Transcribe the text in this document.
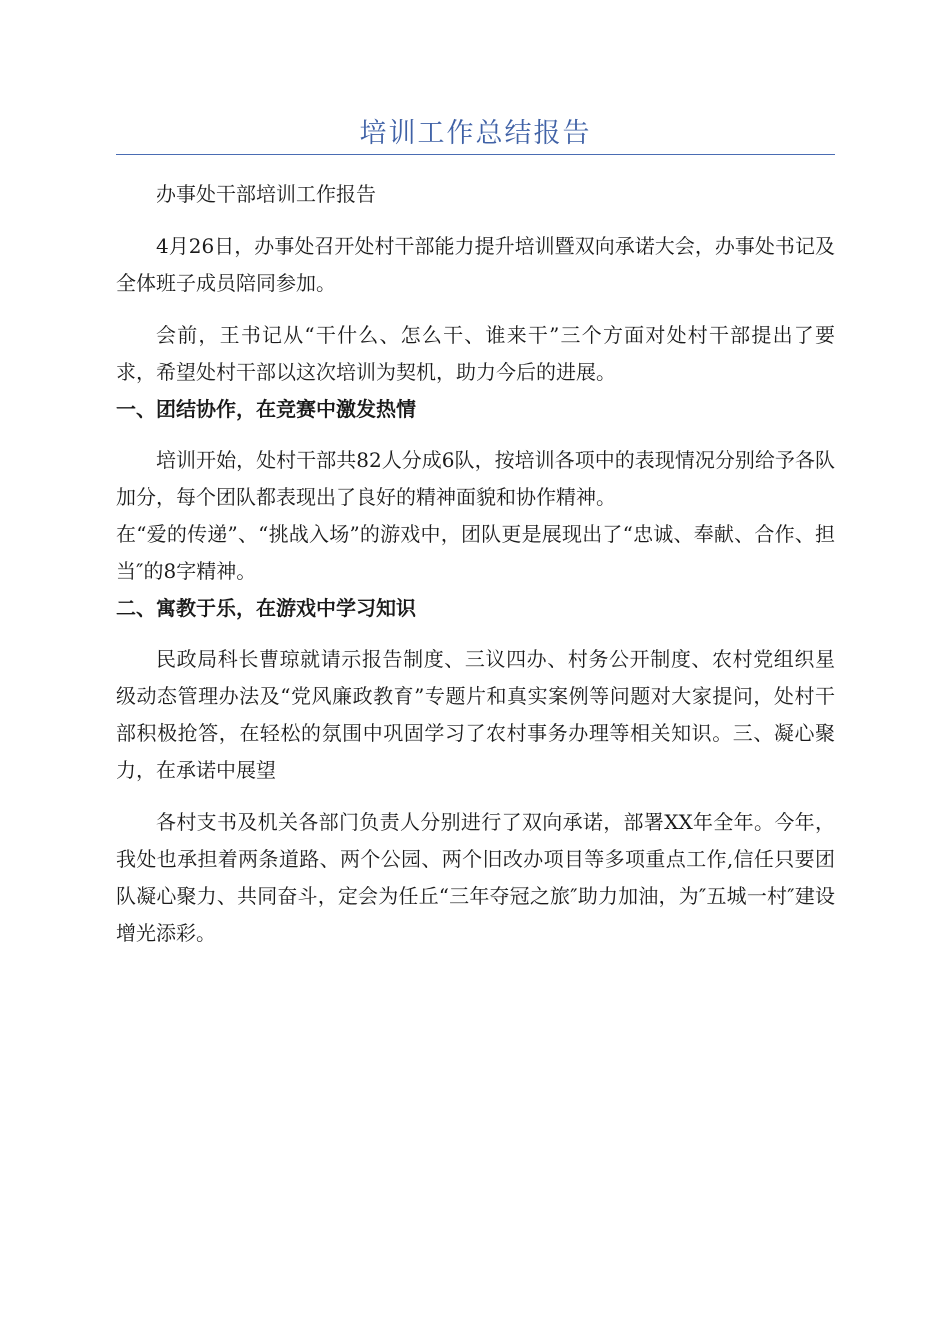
培训工作总结报告

办事处干部培训工作报告

4月26日，办事处召开处村干部能力提升培训暨双向承诺大会，办事处书记及全体班子成员陪同参加。

会前，王书记从“干什么、怎么干、谁来干”三个方面对处村干部提出了要求，希望处村干部以这次培训为契机，助力今后的进展。

一、团结协作，在竞赛中激发热情

培训开始，处村干部共82人分成6队，按培训各项中的表现情况分别给予各队加分，每个团队都表现出了良好的精神面貌和协作精神。

在“爱的传递”、“挑战入场”的游戏中，团队更是展现出了“忠诚、奉献、合作、担当″的8字精神。

二、寓教于乐，在游戏中学习知识

民政局科长曹琼就请示报告制度、三议四办、村务公开制度、农村党组织星级动态管理办法及“党风廉政教育”专题片和真实案例等问题对大家提问，处村干部积极抢答，在轻松的氛围中巩固学习了农村事务办理等相关知识。三、凝心聚力，在承诺中展望

各村支书及机关各部门负责人分别进行了双向承诺，部署XX年全年。今年，我处也承担着两条道路、两个公园、两个旧改办项目等多项重点工作,信任只要团队凝心聚力、共同奋斗，定会为任丘“三年夺冠之旅″助力加油，为″五城一村″建设增光添彩。
